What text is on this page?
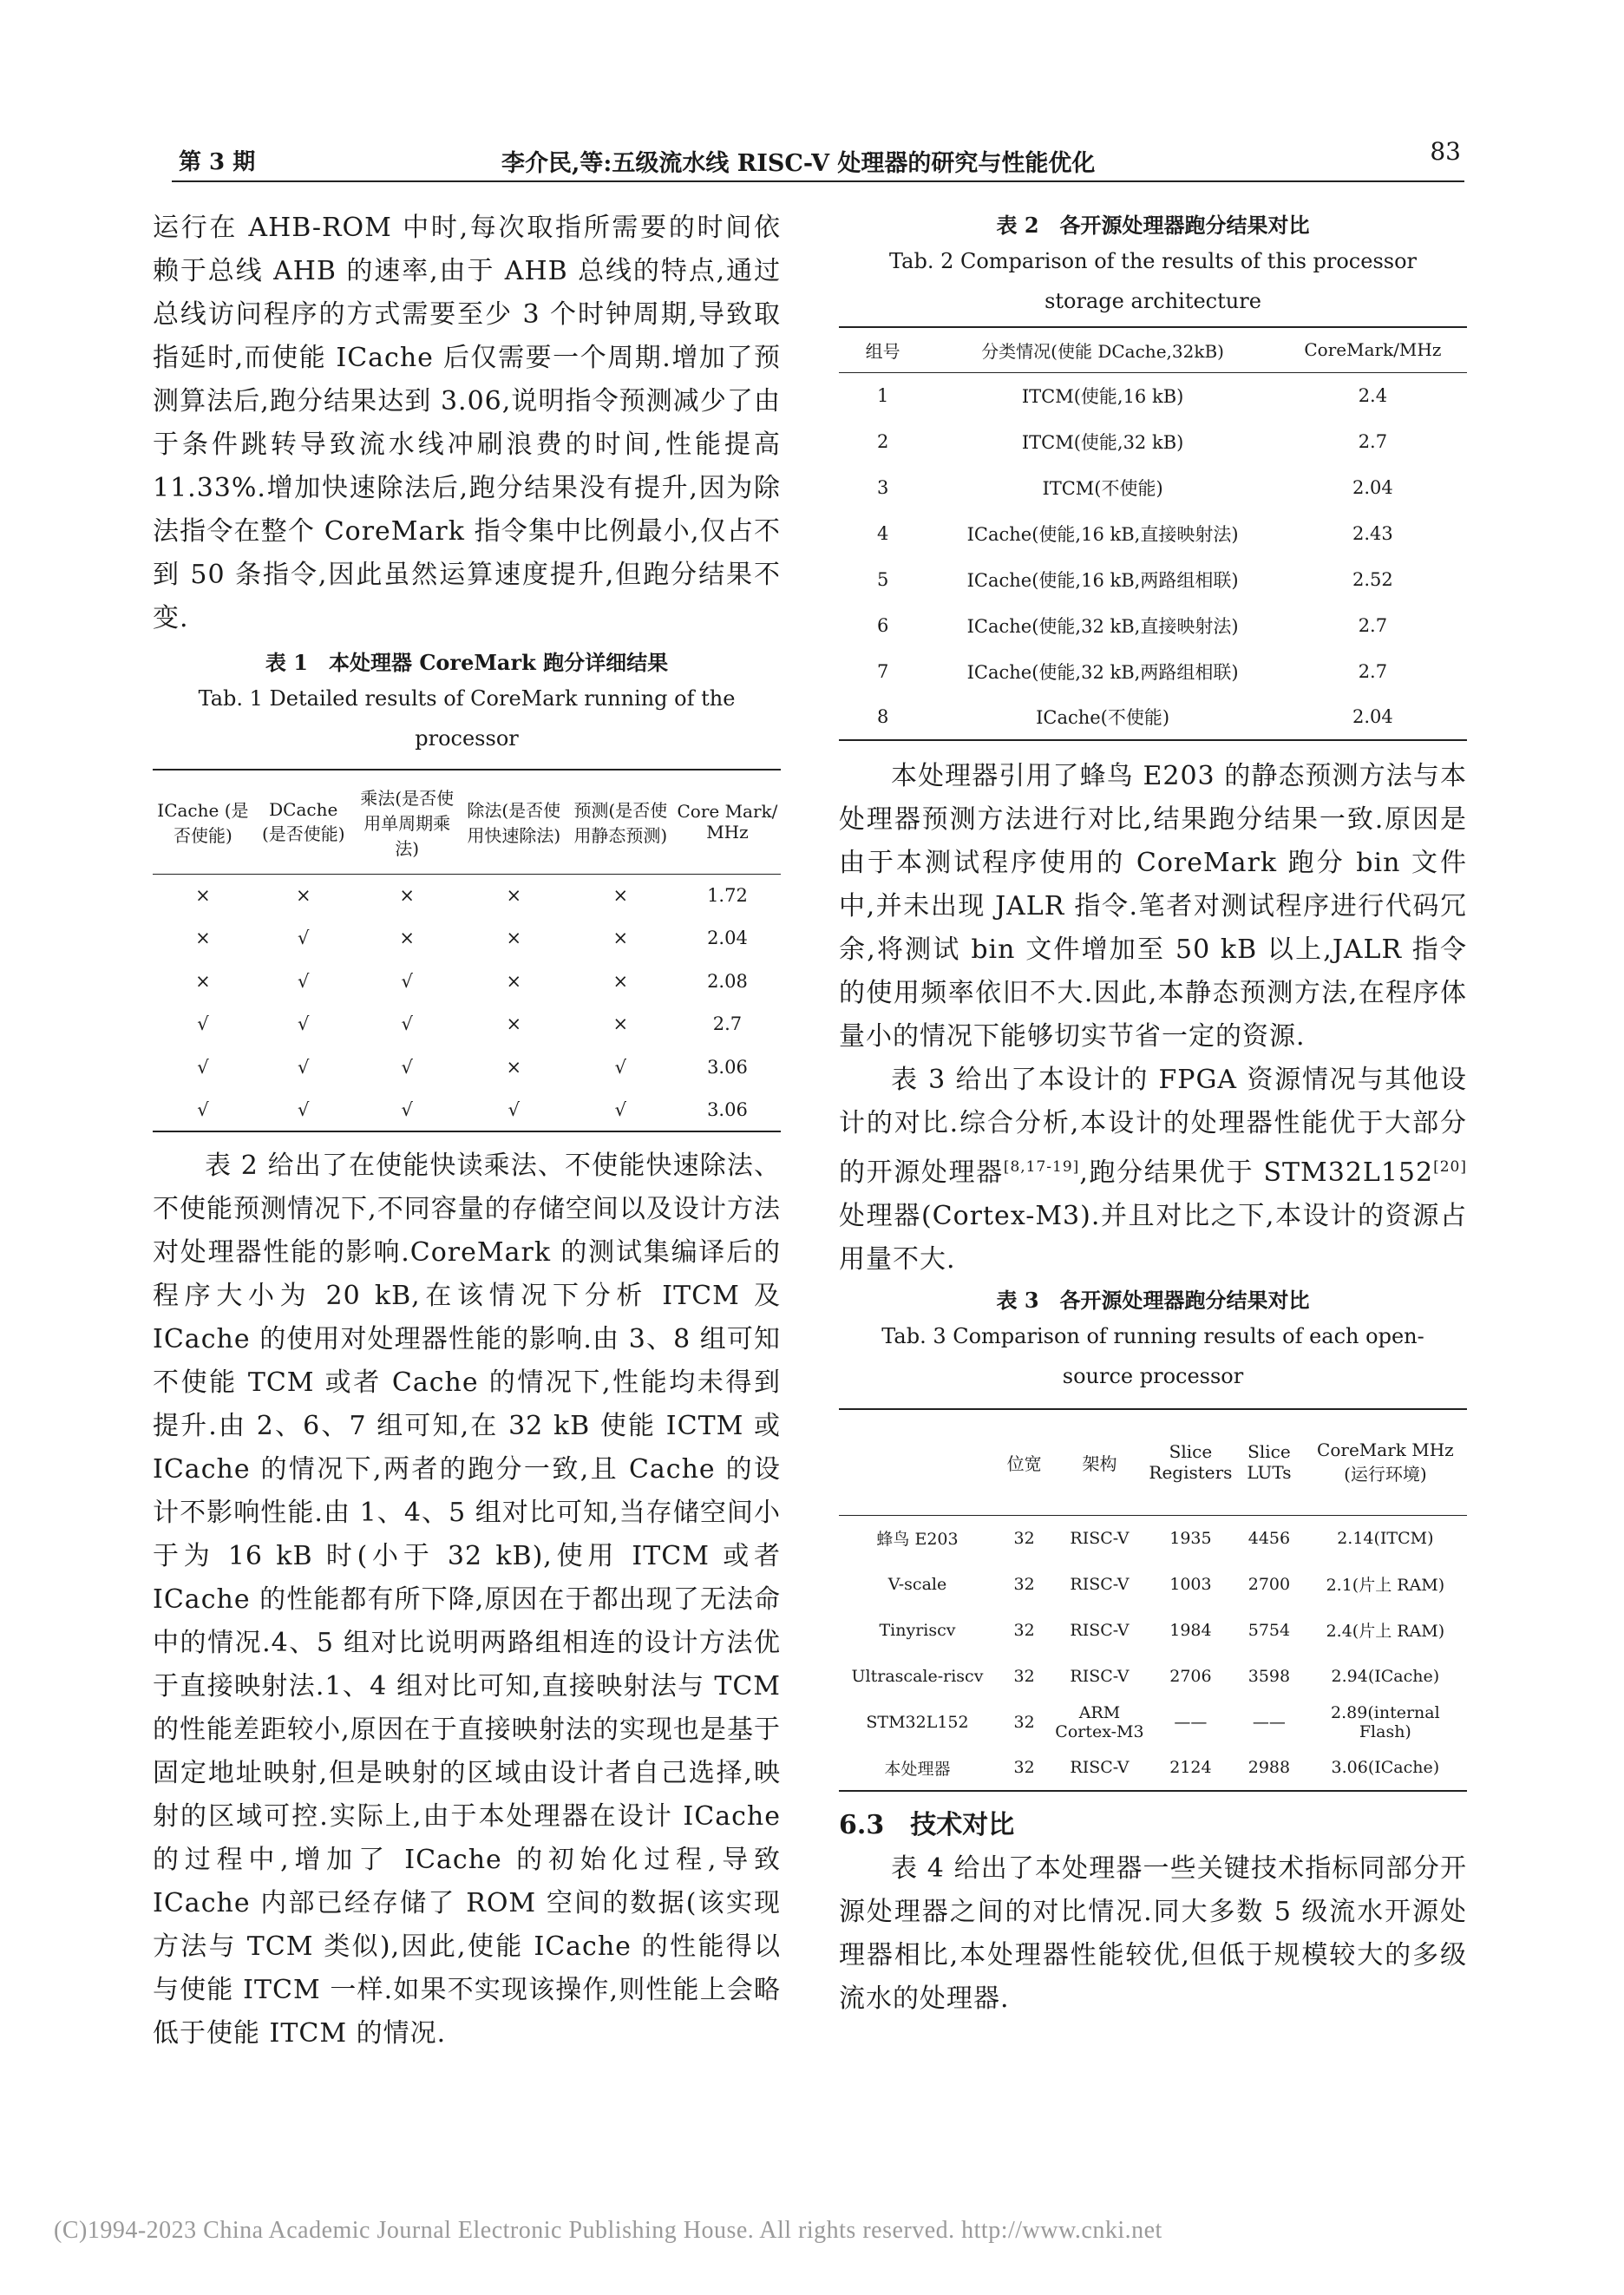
第 3 期	李介民,等:五级流水线 RISC-V 处理器的研究与性能优化	83

运行在 AHB-ROM 中时,每次取指所需要的时间依赖于总线 AHB 的速率,由于 AHB 总线的特点,通过总线访问程序的方式需要至少 3 个时钟周期,导致取指延时,而使能 ICache 后仅需要一个周期.增加了预测算法后,跑分结果达到 3.06,说明指令预测减少了由于条件跳转导致流水线冲刷浪费的时间,性能提高 11.33%.增加快速除法后,跑分结果没有提升,因为除法指令在整个 CoreMark 指令集中比例最小,仅占不到 50 条指令,因此虽然运算速度提升,但跑分结果不变.

表 1　本处理器 CoreMark 跑分详细结果

Tab. 1 Detailed results of CoreMark running of the processor

ICache (是否使能)	DCache (是否使能)	乘法(是否使用单周期乘法)	除法(是否使用快速除法)	预测(是否使用静态预测)	Core Mark/ MHz
×	×	×	×	×	1.72
×	√	×	×	×	2.04
×	√	√	×	×	2.08
√	√	√	×	×	2.7
√	√	√	×	√	3.06
√	√	√	√	√	3.06

表 2 给出了在使能快读乘法、不使能快速除法、不使能预测情况下,不同容量的存储空间以及设计方法对处理器性能的影响.CoreMark 的测试集编译后的程序大小为 20 kB,在该情况下分析 ITCM 及 ICache 的使用对处理器性能的影响.由 3、8 组可知不使能 TCM 或者 Cache 的情况下,性能均未得到提升.由 2、6、7 组可知,在 32 kB 使能 ICTM 或 ICache 的情况下,两者的跑分一致,且 Cache 的设计不影响性能.由 1、4、5 组对比可知,当存储空间小于为 16 kB 时(小于 32 kB),使用 ITCM 或者 ICache 的性能都有所下降,原因在于都出现了无法命中的情况.4、5 组对比说明两路组相连的设计方法优于直接映射法.1、4 组对比可知,直接映射法与 TCM 的性能差距较小,原因在于直接映射法的实现也是基于固定地址映射,但是映射的区域由设计者自己选择,映射的区域可控.实际上,由于本处理器在设计 ICache 的过程中,增加了 ICache 的初始化过程,导致 ICache 内部已经存储了 ROM 空间的数据(该实现方法与 TCM 类似),因此,使能 ICache 的性能得以与使能 ITCM 一样.如果不实现该操作,则性能上会略低于使能 ITCM 的情况.

表 2　各开源处理器跑分结果对比

Tab. 2 Comparison of the results of this processor storage architecture

组号	分类情况(使能 DCache,32kB)	CoreMark/MHz
1	ITCM(使能,16 kB)	2.4
2	ITCM(使能,32 kB)	2.7
3	ITCM(不使能)	2.04
4	ICache(使能,16 kB,直接映射法)	2.43
5	ICache(使能,16 kB,两路组相联)	2.52
6	ICache(使能,32 kB,直接映射法)	2.7
7	ICache(使能,32 kB,两路组相联)	2.7
8	ICache(不使能)	2.04

本处理器引用了蜂鸟 E203 的静态预测方法与本处理器预测方法进行对比,结果跑分结果一致.原因是由于本测试程序使用的 CoreMark 跑分 bin 文件中,并未出现 JALR 指令.笔者对测试程序进行代码冗余,将测试 bin 文件增加至 50 kB 以上,JALR 指令的使用频率依旧不大.因此,本静态预测方法,在程序体量小的情况下能够切实节省一定的资源.

表 3 给出了本设计的 FPGA 资源情况与其他设计的对比.综合分析,本设计的处理器性能优于大部分的开源处理器[8,17-19],跑分结果优于 STM32L152[20]处理器(Cortex-M3).并且对比之下,本设计的资源占用量不大.

表 3　各开源处理器跑分结果对比

Tab. 3 Comparison of running results of each open-source processor

	位宽	架构	Slice Registers	Slice LUTs	CoreMark MHz (运行环境)
蜂鸟 E203	32	RISC-V	1935	4456	2.14(ITCM)
V-scale	32	RISC-V	1003	2700	2.1(片上 RAM)
Tinyriscv	32	RISC-V	1984	5754	2.4(片上 RAM)
Ultrascale-riscv	32	RISC-V	2706	3598	2.94(ICache)
STM32L152	32	ARM Cortex-M3	——	——	2.89(internal Flash)
本处理器	32	RISC-V	2124	2988	3.06(ICache)

6.3　技术对比

表 4 给出了本处理器一些关键技术指标同部分开源处理器之间的对比情况.同大多数 5 级流水开源处理器相比,本处理器性能较优,但低于规模较大的多级流水的处理器.

(C)1994-2023 China Academic Journal Electronic Publishing House. All rights reserved. http://www.cnki.net
